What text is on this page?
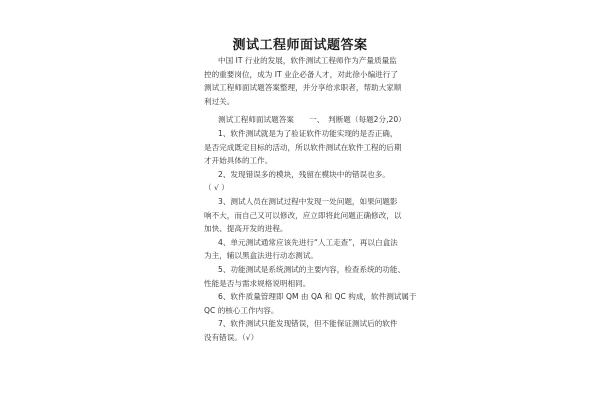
测试工程师面试题答案
中国 IT 行业的发展，软件测试工程师作为产量质量监
控的重要岗位，成为 IT 业企必备人才，对此徐小编进行了
测试工程师面试题答案整理，并分享给求职者，帮助大家顺
利过关。
测试工程师面试题答案　　一、　判断题（每题2分,20）
1、软件测试就是为了验证软件功能实现的是否正确，
是否完成既定目标的活动，所以软件测试在软件工程的后期
才开始具体的工作。
2、发现错误多的模块，残留在模块中的错误也多。
（ √ ）
3、测试人员在测试过程中发现一处问题，如果问题影
响不大，而自己又可以修改，应立即将此问题正确修改，以
加快、提高开发的进程。
4、单元测试通常应该先进行“人工走查”，再以白盒法
为主，辅以黑盒法进行动态测试。
5、功能测试是系统测试的主要内容，检查系统的功能、
性能是否与需求规格说明相同。
6、软件质量管理即 QM 由 QA 和 QC 构成，软件测试属于
QC 的核心工作内容。
7、软件测试只能发现错误，但不能保证测试后的软件
没有错误。（√）
